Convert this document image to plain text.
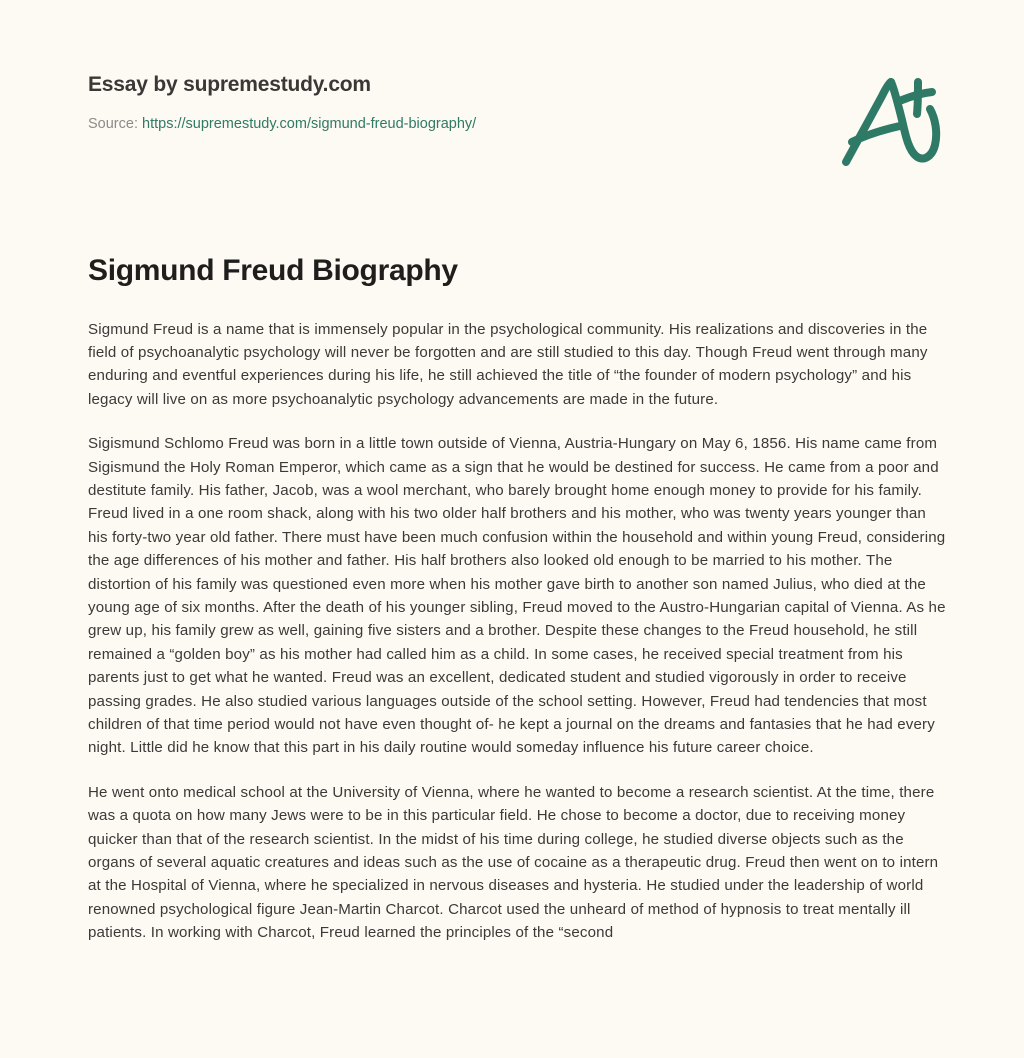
Essay by supremestudy.com
Source: https://supremestudy.com/sigmund-freud-biography/
Sigmund Freud Biography

Sigmund Freud is a name that is immensely popular in the psychological community. His realizations and discoveries in the field of psychoanalytic psychology will never be forgotten and are still studied to this day. Though Freud went through many enduring and eventful experiences during his life, he still achieved the title of “the founder of modern psychology” and his legacy will live on as more psychoanalytic psychology advancements are made in the future.

Sigismund Schlomo Freud was born in a little town outside of Vienna, Austria-Hungary on May 6, 1856. His name came from Sigismund the Holy Roman Emperor, which came as a sign that he would be destined for success. He came from a poor and destitute family. His father, Jacob, was a wool merchant, who barely brought home enough money to provide for his family. Freud lived in a one room shack, along with his two older half brothers and his mother, who was twenty years younger than his forty-two year old father. There must have been much confusion within the household and within young Freud, considering the age differences of his mother and father. His half brothers also looked old enough to be married to his mother. The distortion of his family was questioned even more when his mother gave birth to another son named Julius, who died at the young age of six months. After the death of his younger sibling, Freud moved to the Austro-Hungarian capital of Vienna. As he grew up, his family grew as well, gaining five sisters and a brother. Despite these changes to the Freud household, he still remained a “golden boy” as his mother had called him as a child. In some cases, he received special treatment from his parents just to get what he wanted. Freud was an excellent, dedicated student and studied vigorously in order to receive passing grades. He also studied various languages outside of the school setting. However, Freud had tendencies that most children of that time period would not have even thought of- he kept a journal on the dreams and fantasies that he had every night. Little did he know that this part in his daily routine would someday influence his future career choice.

He went onto medical school at the University of Vienna, where he wanted to become a research scientist. At the time, there was a quota on how many Jews were to be in this particular field. He chose to become a doctor, due to receiving money quicker than that of the research scientist. In the midst of his time during college, he studied diverse objects such as the organs of several aquatic creatures and ideas such as the use of cocaine as a therapeutic drug. Freud then went on to intern at the Hospital of Vienna, where he specialized in nervous diseases and hysteria. He studied under the leadership of world renowned psychological figure Jean-Martin Charcot. Charcot used the unheard of method of hypnosis to treat mentally ill patients. In working with Charcot, Freud learned the principles of the “second
